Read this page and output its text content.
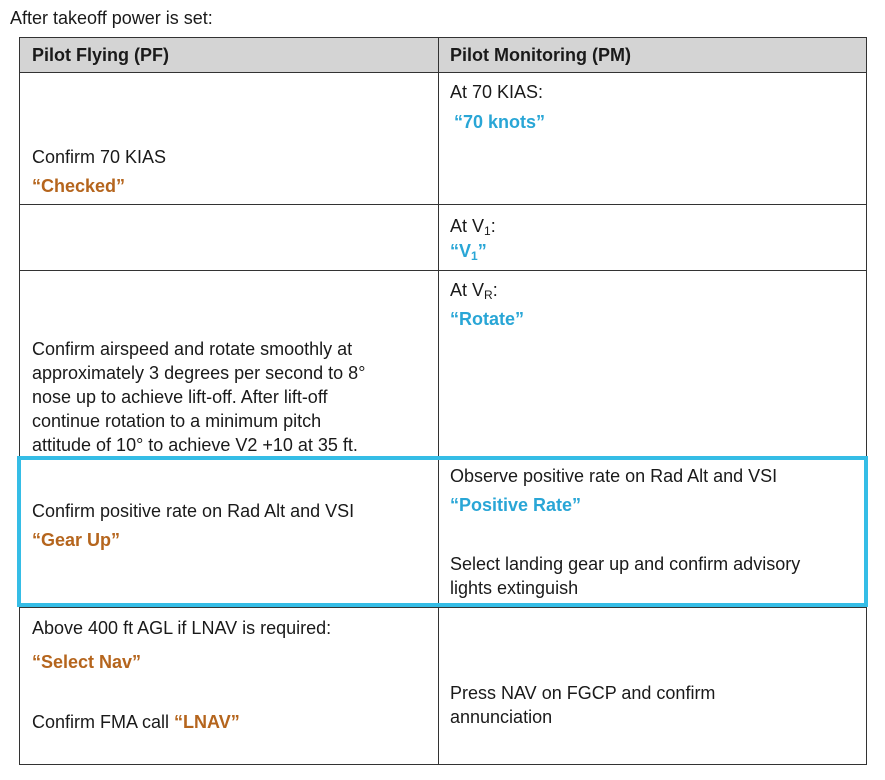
After takeoff power is set:
Pilot Flying (PF)	Pilot Monitoring (PM)
At 70 KIAS:
“70 knots”
Confirm 70 KIAS
“Checked”
At $V_1$:
“$V_1$”
At $V_R$:
“Rotate”
Confirm airspeed and rotate smoothly at
approximately 3 degrees per second to 8°
nose up to achieve lift-off. After lift-off
continue rotation to a minimum pitch
attitude of 10° to achieve V2 +10 at 35 ft.
Confirm positive rate on Rad Alt and VSI
“Gear Up”
Observe positive rate on Rad Alt and VSI
“Positive Rate”
Select landing gear up and confirm advisory
lights extinguish
Above 400 ft AGL if LNAV is required:
“Select Nav”
Confirm FMA call “LNAV”
Press NAV on FGCP and confirm
annunciation
